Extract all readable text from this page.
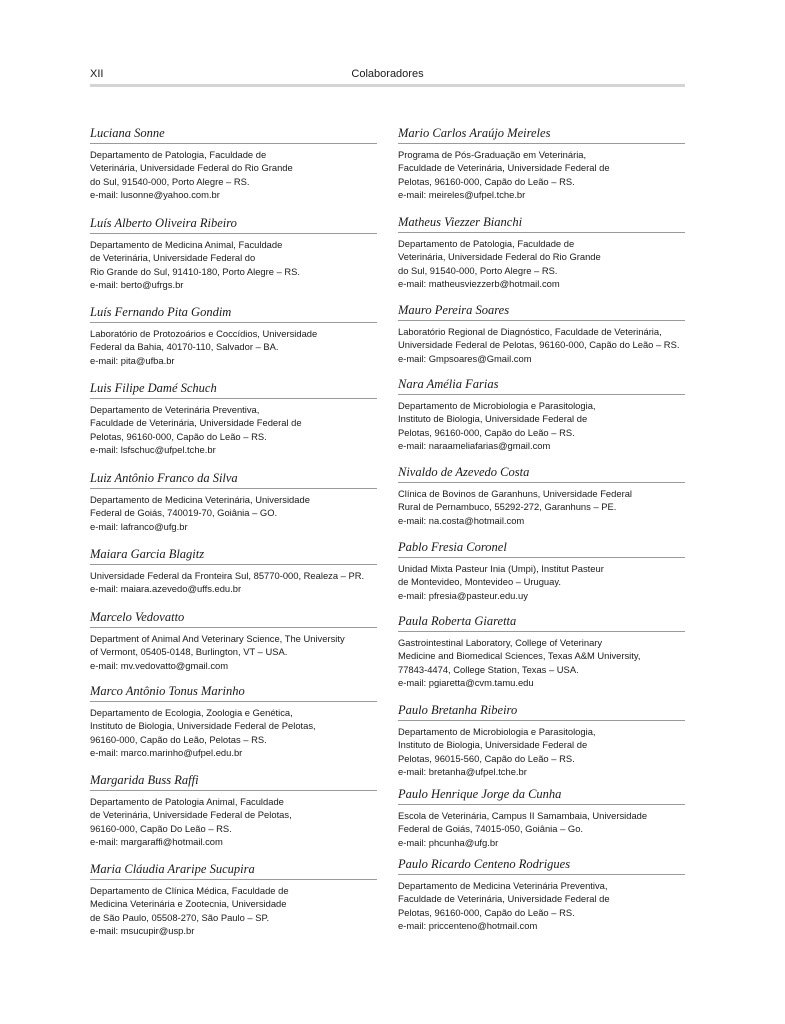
XII	Colaboradores
Luciana Sonne
Departamento de Patologia, Faculdade de
Veterinária, Universidade Federal do Rio Grande
do Sul, 91540-000, Porto Alegre – RS.
e-mail: lusonne@yahoo.com.br
Luís Alberto Oliveira Ribeiro
Departamento de Medicina Animal, Faculdade
de Veterinária, Universidade Federal do
Rio Grande do Sul, 91410-180, Porto Alegre – RS.
e-mail: berto@ufrgs.br
Luís Fernando Pita Gondim
Laboratório de Protozoários e Coccídios, Universidade
Federal da Bahia, 40170-110, Salvador – BA.
e-mail: pita@ufba.br
Luis Filipe Damé Schuch
Departamento de Veterinária Preventiva,
Faculdade de Veterinária, Universidade Federal de
Pelotas, 96160-000, Capão do Leão – RS.
e-mail: lsfschuc@ufpel.tche.br
Luiz Antônio Franco da Silva
Departamento de Medicina Veterinária, Universidade
Federal de Goiás, 740019-70, Goiânia – GO.
e-mail: lafranco@ufg.br
Maiara Garcia Blagitz
Universidade Federal da Fronteira Sul, 85770-000, Realeza – PR.
e-mail: maiara.azevedo@uffs.edu.br
Marcelo Vedovatto
Department of Animal And Veterinary Science, The University
of Vermont, 05405-0148, Burlington, VT – USA.
e-mail: mv.vedovatto@gmail.com
Marco Antônio Tonus Marinho
Departamento de Ecologia, Zoologia e Genética,
Instituto de Biologia, Universidade Federal de Pelotas,
96160-000, Capão do Leão, Pelotas – RS.
e-mail: marco.marinho@ufpel.edu.br
Margarida Buss Raffi
Departamento de Patologia Animal, Faculdade
de Veterinária, Universidade Federal de Pelotas,
96160-000, Capão Do Leão – RS.
e-mail: margaraffi@hotmail.com
Maria Cláudia Araripe Sucupira
Departamento de Clínica Médica, Faculdade de
Medicina Veterinária e Zootecnia, Universidade
de São Paulo, 05508-270, São Paulo – SP.
e-mail: msucupir@usp.br
Mario Carlos Araújo Meireles
Programa de Pós-Graduação em Veterinária,
Faculdade de Veterinária, Universidade Federal de
Pelotas, 96160-000, Capão do Leão – RS.
e-mail: meireles@ufpel.tche.br
Matheus Viezzer Bianchi
Departamento de Patologia, Faculdade de
Veterinária, Universidade Federal do Rio Grande
do Sul, 91540-000, Porto Alegre – RS.
e-mail: matheusviezzerb@hotmail.com
Mauro Pereira Soares
Laboratório Regional de Diagnóstico, Faculdade de Veterinária,
Universidade Federal de Pelotas, 96160-000, Capão do Leão – RS.
e-mail: Gmpsoares@Gmail.com
Nara Amélia Farias
Departamento de Microbiologia e Parasitologia,
Instituto de Biologia, Universidade Federal de
Pelotas, 96160-000, Capão do Leão – RS.
e-mail: naraameliafarias@gmail.com
Nivaldo de Azevedo Costa
Clínica de Bovinos de Garanhuns, Universidade Federal
Rural de Pernambuco, 55292-272, Garanhuns – PE.
e-mail: na.costa@hotmail.com
Pablo Fresia Coronel
Unidad Mixta Pasteur Inia (Umpi), Institut Pasteur
de Montevideo, Montevideo – Uruguay.
e-mail: pfresia@pasteur.edu.uy
Paula Roberta Giaretta
Gastrointestinal Laboratory, College of Veterinary
Medicine and Biomedical Sciences, Texas A&M University,
77843-4474, College Station, Texas – USA.
e-mail: pgiaretta@cvm.tamu.edu
Paulo Bretanha Ribeiro
Departamento de Microbiologia e Parasitologia,
Instituto de Biologia, Universidade Federal de
Pelotas, 96015-560, Capão do Leão – RS.
e-mail: bretanha@ufpel.tche.br
Paulo Henrique Jorge da Cunha
Escola de Veterinária, Campus II Samambaia, Universidade
Federal de Goiás, 74015-050, Goiânia – Go.
e-mail: phcunha@ufg.br
Paulo Ricardo Centeno Rodrigues
Departamento de Medicina Veterinária Preventiva,
Faculdade de Veterinária, Universidade Federal de
Pelotas, 96160-000, Capão do Leão – RS.
e-mail: priccenteno@hotmail.com
